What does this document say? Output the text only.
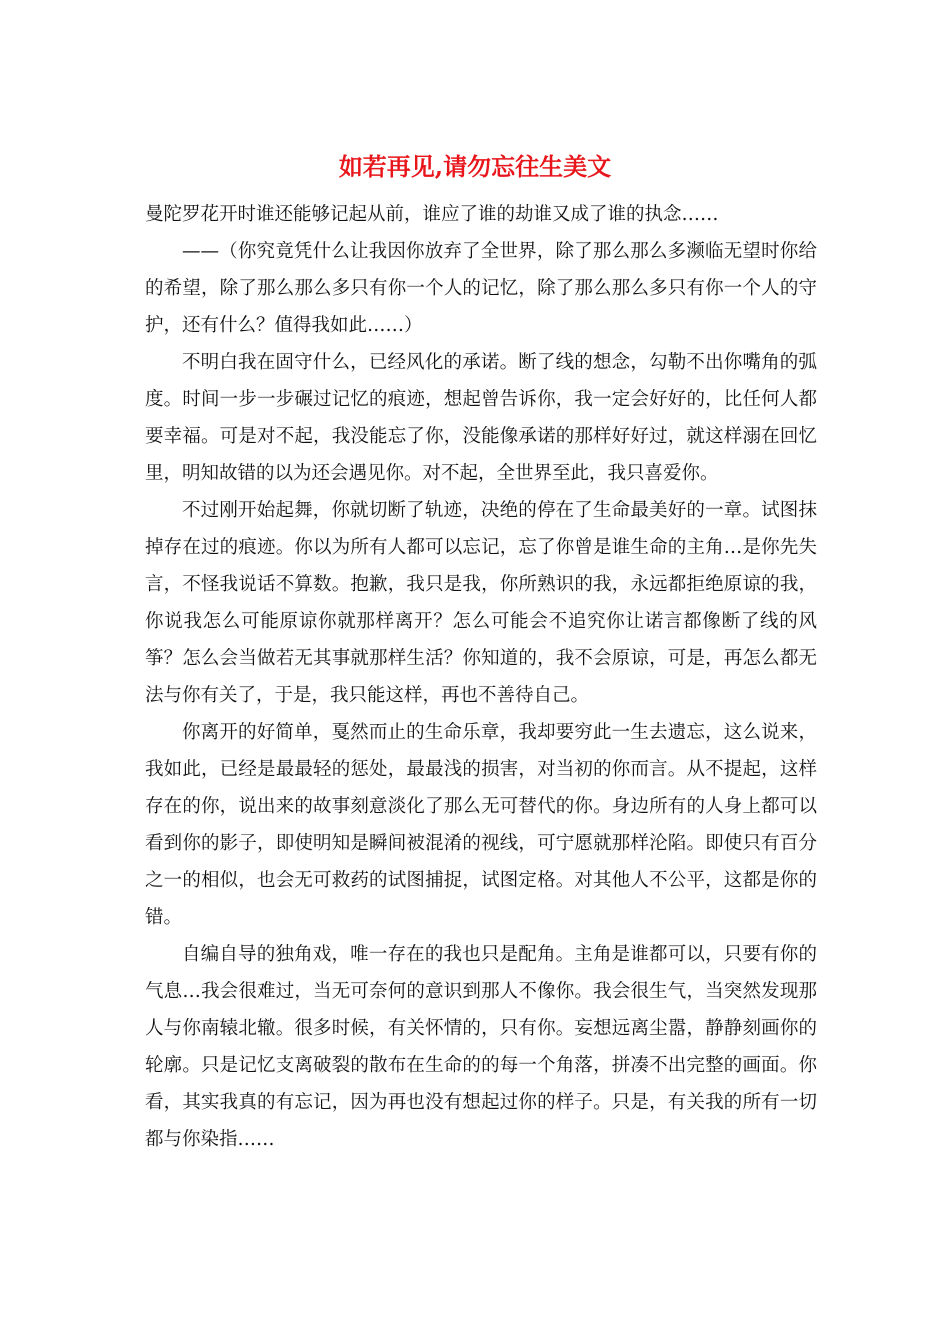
如若再见,请勿忘往生美文

曼陀罗花开时谁还能够记起从前，谁应了谁的劫谁又成了谁的执念……

——（你究竟凭什么让我因你放弃了全世界，除了那么那么多濒临无望时你给的希望，除了那么那么多只有你一个人的记忆，除了那么那么多只有你一个人的守护，还有什么？值得我如此……）

不明白我在固守什么，已经风化的承诺。断了线的想念，勾勒不出你嘴角的弧度。时间一步一步碾过记忆的痕迹，想起曾告诉你，我一定会好好的，比任何人都要幸福。可是对不起，我没能忘了你，没能像承诺的那样好好过，就这样溺在回忆里，明知故错的以为还会遇见你。对不起，全世界至此，我只喜爱你。

不过刚开始起舞，你就切断了轨迹，决绝的停在了生命最美好的一章。试图抹掉存在过的痕迹。你以为所有人都可以忘记，忘了你曾是谁生命的主角…是你先失言，不怪我说话不算数。抱歉，我只是我，你所熟识的我，永远都拒绝原谅的我，你说我怎么可能原谅你就那样离开？怎么可能会不追究你让诺言都像断了线的风筝？怎么会当做若无其事就那样生活？你知道的，我不会原谅，可是，再怎么都无法与你有关了，于是，我只能这样，再也不善待自己。

你离开的好简单，戛然而止的生命乐章，我却要穷此一生去遗忘，这么说来，我如此，已经是最最轻的惩处，最最浅的损害，对当初的你而言。从不提起，这样存在的你，说出来的故事刻意淡化了那么无可替代的你。身边所有的人身上都可以看到你的影子，即使明知是瞬间被混淆的视线，可宁愿就那样沦陷。即使只有百分之一的相似，也会无可救药的试图捕捉，试图定格。对其他人不公平，这都是你的错。

自编自导的独角戏，唯一存在的我也只是配角。主角是谁都可以，只要有你的气息…我会很难过，当无可奈何的意识到那人不像你。我会很生气，当突然发现那人与你南辕北辙。很多时候，有关怀情的，只有你。妄想远离尘嚣，静静刻画你的轮廓。只是记忆支离破裂的散布在生命的的每一个角落，拼凑不出完整的画面。你看，其实我真的有忘记，因为再也没有想起过你的样子。只是，有关我的所有一切都与你染指……
